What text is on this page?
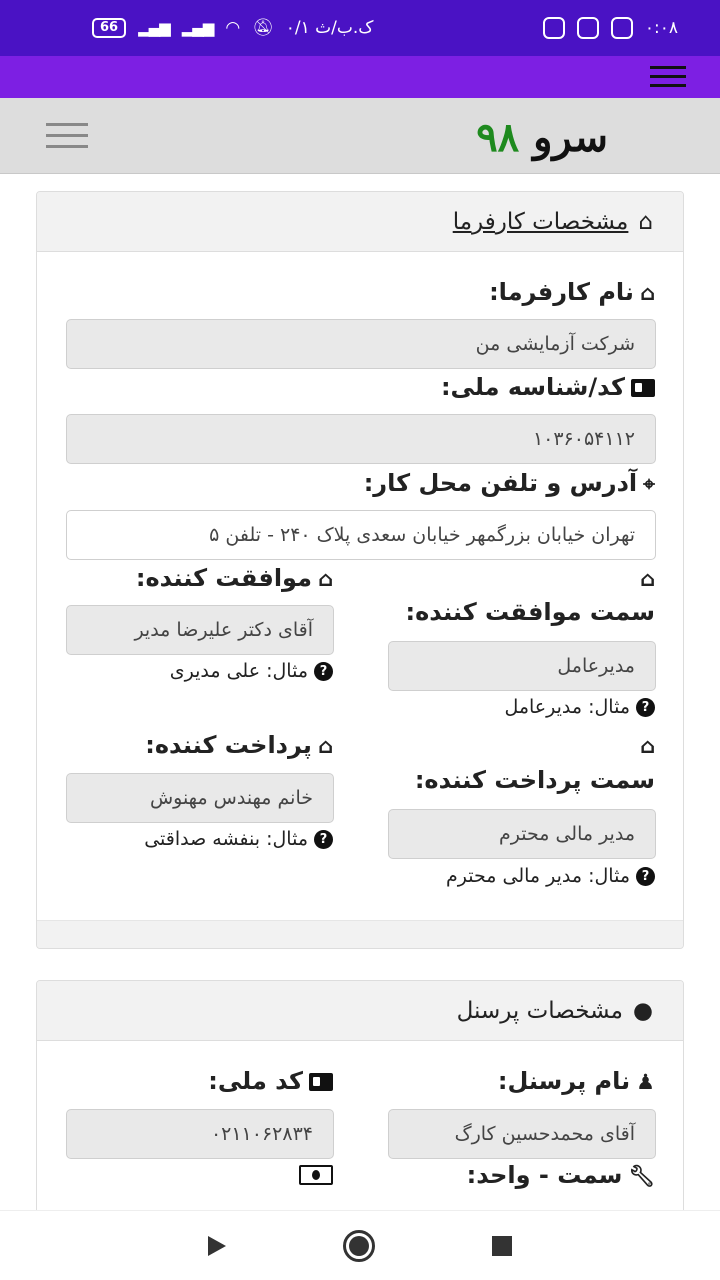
66	▂▄▆ ▂▄▆ ◠ 🔕︎ ۰/۱ ک.ب/ث	۰:۰۸
سرو ۹۸
⌂
مشخصات کارفرما
⌂نام کارفرما:
شرکت آزمایشی من
کد/شناسه ملی:
۱۰۳۶۰۵۴۱۱۲
⌖آدرس و تلفن محل کار:
تهران خیابان بزرگمهر خیابان سعدی پلاک ۲۴۰ - تلفن ۵
⌂موافقت کننده:
آقای دکتر علیرضا مدیر
?مثال: علی مدیری
⌂
سمت موافقت کننده:
مدیرعامل
?مثال: مدیرعامل
⌂پرداخت کننده:
خانم مهندس مهنوش
?مثال: بنفشه صداقتی
⌂
سمت پرداخت کننده:
مدیر مالی محترم
?مثال: مدیر مالی محترم
●
مشخصات پرسنل
♟نام پرسنل:
آقای محمدحسین کارگ
کد ملی:
۰۲۱۱۰۶۲۸۳۴
🔧︎سمت - واحد:
